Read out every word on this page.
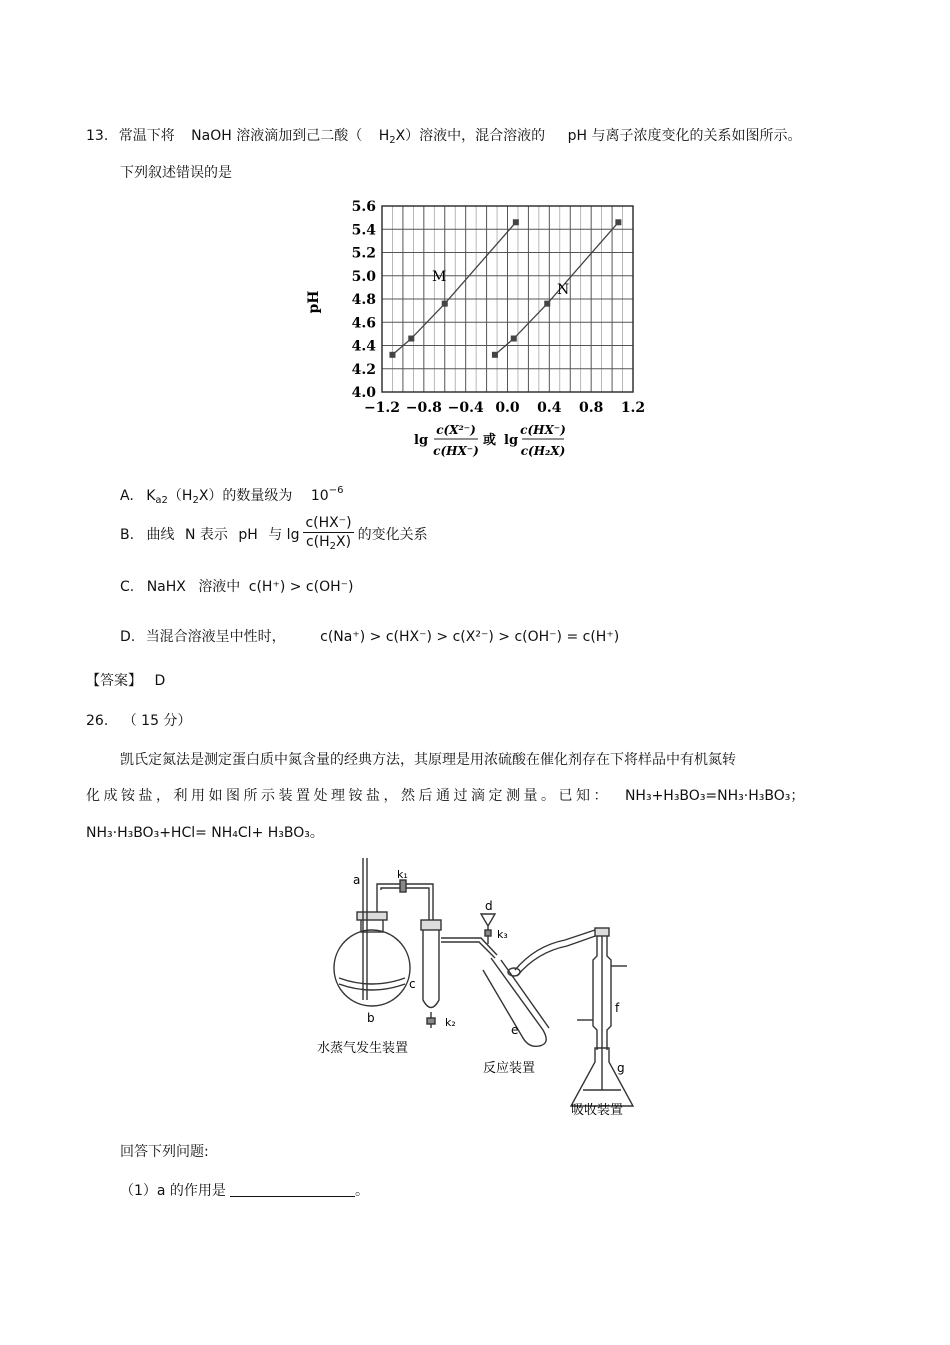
13. 常温下将 NaOH 溶液滴加到己二酸（ $H_2X$）溶液中，混合溶液的 pH 与离子浓度变化的关系如图所示。
下列叙述错误的是
4.0
4.2
4.4
4.6
4.8
5.0
5.2
5.4
5.6
−1.2 −0.8 −0.4 0.0 0.4 0.8 1.2
pH
M
N
lg
c(X²⁻)
c(HX⁻)
或 lg
c(HX⁻)
c(H₂X)
A. $K_{a2}(H_2X)$的数量级为 $10^{-6}$
B. 曲线 N 表示 pH 与 $\lg \frac{c(HX^-)}{c(H_2X)}$ 的变化关系
C. NaHX 溶液中 c(H⁺) > c(OH⁻)
D. 当混合溶液呈中性时， c(Na⁺) > c(HX⁻) > c(X²⁻) > c(OH⁻) = c(H⁺)
【答案】 D
26. （ 15 分）
凯氏定氮法是测定蛋白质中氮含量的经典方法，其原理是用浓硫酸在催化剂存在下将样品中有机氮转
化成铵盐，利用如图所示装置处理铵盐，然后通过滴定测量。已知： NH₃+H₃BO₃=NH₃·H₃BO₃；
NH₃·H₃BO₃+HCl= NH₄Cl+ H₃BO₃。
a
b
c
d
e
f
g
k₁
k₂
k₃
水蒸气发生装置
反应装置
吸收装置
回答下列问题:
（1）a 的作用是	。
